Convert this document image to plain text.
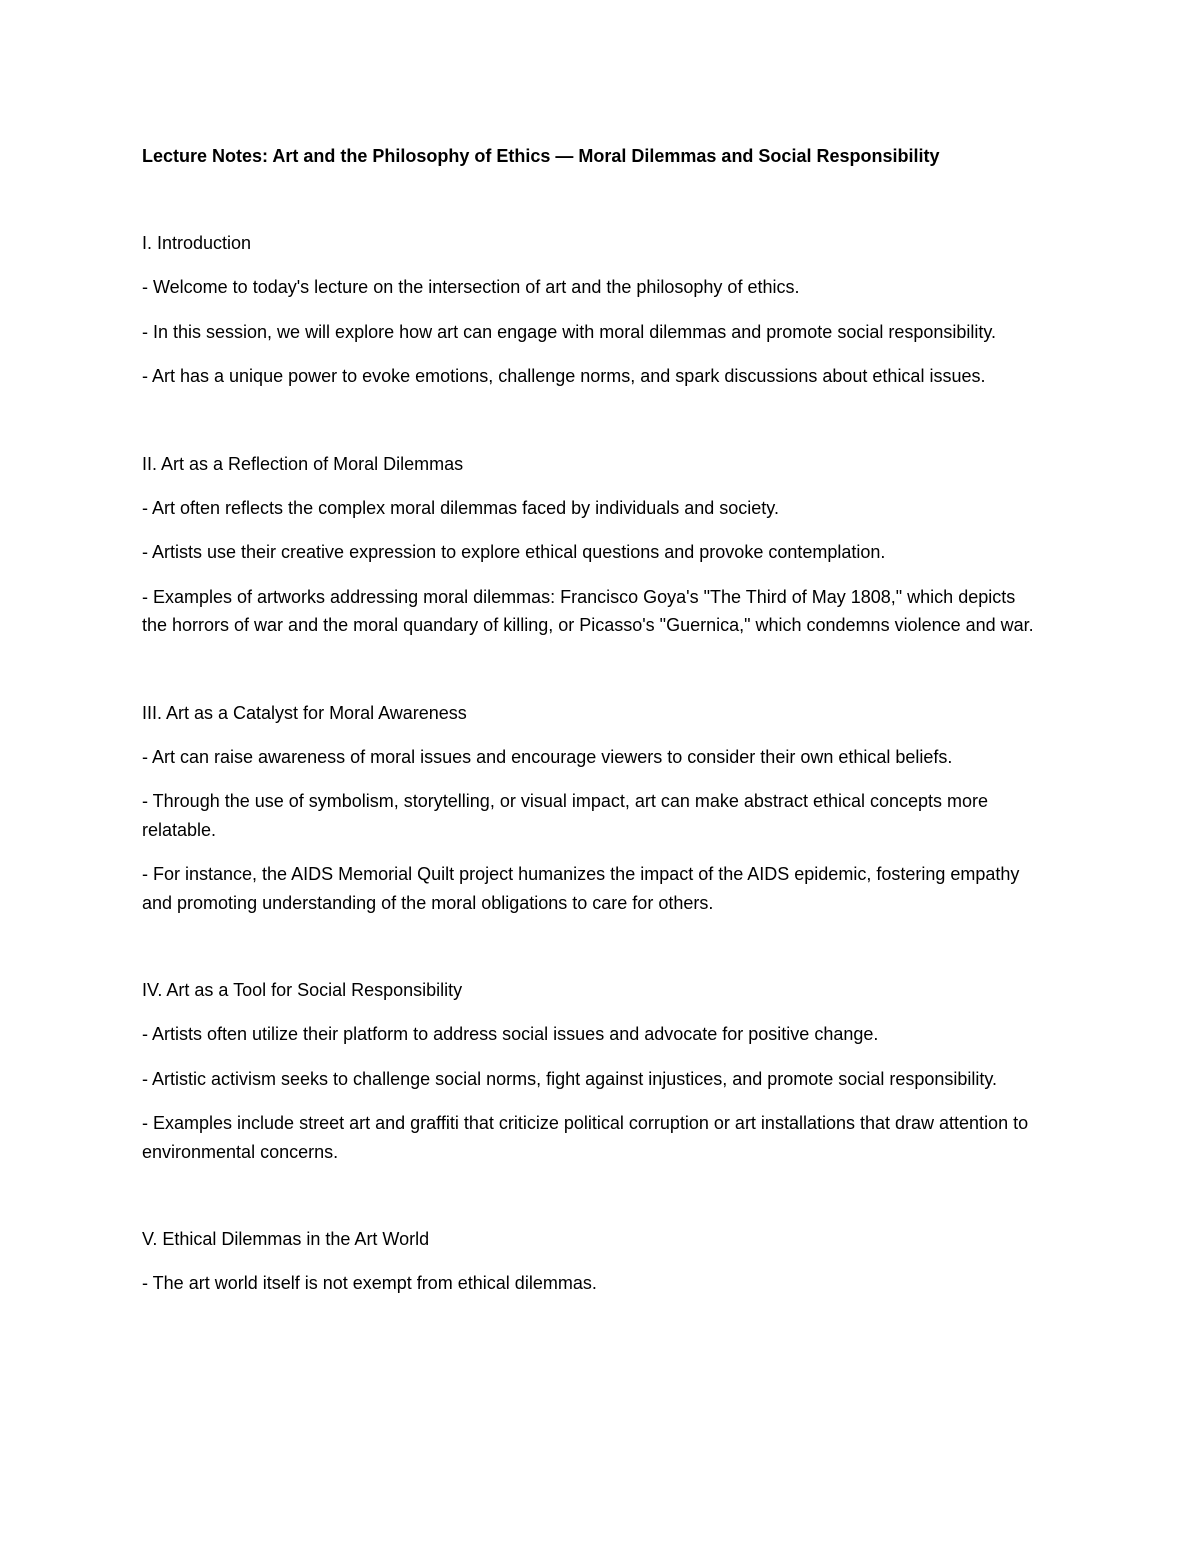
Lecture Notes: Art and the Philosophy of Ethics — Moral Dilemmas and Social Responsibility

I. Introduction

- Welcome to today's lecture on the intersection of art and the philosophy of ethics.

- In this session, we will explore how art can engage with moral dilemmas and promote social responsibility.

- Art has a unique power to evoke emotions, challenge norms, and spark discussions about ethical issues.

II. Art as a Reflection of Moral Dilemmas

- Art often reflects the complex moral dilemmas faced by individuals and society.

- Artists use their creative expression to explore ethical questions and provoke contemplation.

- Examples of artworks addressing moral dilemmas: Francisco Goya's "The Third of May 1808," which depicts the horrors of war and the moral quandary of killing, or Picasso's "Guernica," which condemns violence and war.

III. Art as a Catalyst for Moral Awareness

- Art can raise awareness of moral issues and encourage viewers to consider their own ethical beliefs.

- Through the use of symbolism, storytelling, or visual impact, art can make abstract ethical concepts more relatable.

- For instance, the AIDS Memorial Quilt project humanizes the impact of the AIDS epidemic, fostering empathy and promoting understanding of the moral obligations to care for others.

IV. Art as a Tool for Social Responsibility

- Artists often utilize their platform to address social issues and advocate for positive change.

- Artistic activism seeks to challenge social norms, fight against injustices, and promote social responsibility.

- Examples include street art and graffiti that criticize political corruption or art installations that draw attention to environmental concerns.

V. Ethical Dilemmas in the Art World

- The art world itself is not exempt from ethical dilemmas.
